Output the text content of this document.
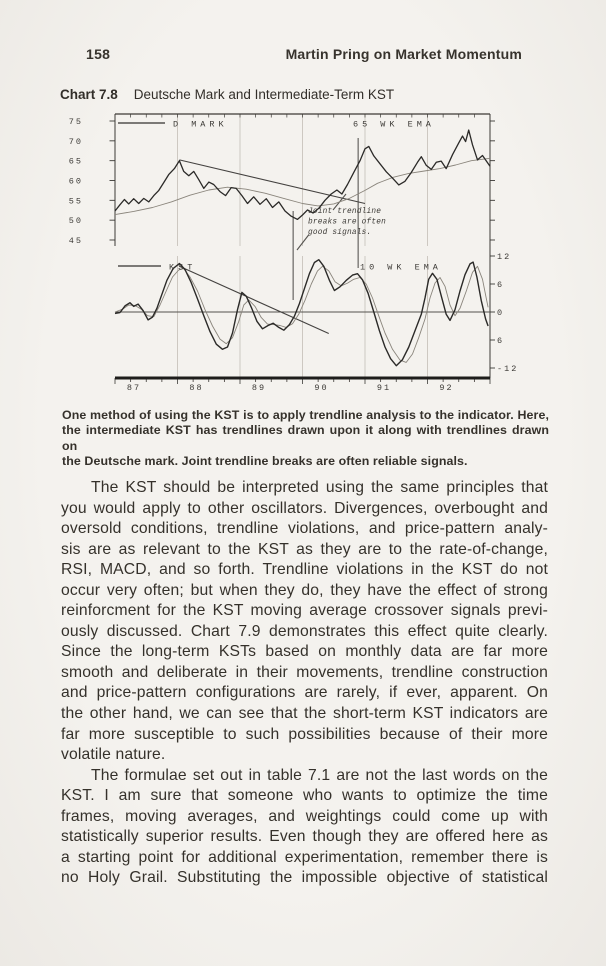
158	Martin Pring on Market Momentum
Chart 7.8 Deutsche Mark and Intermediate-Term KST
75
70
65
60
55
50
45
12
6
0
6
-12
87	88	89	90	91	92
D MARK	65 WK EMA
KST	10 WK EMA
Joint trendline
breaks are often
good signals.
One method of using the KST is to apply trendline analysis to the indicator. Here,
the intermediate KST has trendlines drawn upon it along with trendlines drawn on
the Deutsche mark. Joint trendline breaks are often reliable signals.
The KST should be interpreted using the same principles that
you would apply to other oscillators. Divergences, overbought and
oversold conditions, trendline violations, and price-pattern analy-
sis are as relevant to the KST as they are to the rate-of-change,
RSI, MACD, and so forth. Trendline violations in the KST do not
occur very often; but when they do, they have the effect of strong
reinforcment for the KST moving average crossover signals previ-
ously discussed. Chart 7.9 demonstrates this effect quite clearly.
Since the long-term KSTs based on monthly data are far more
smooth and deliberate in their movements, trendline construction
and price-pattern configurations are rarely, if ever, apparent. On
the other hand, we can see that the short-term KST indicators are
far more susceptible to such possibilities because of their more
volatile nature.
The formulae set out in table 7.1 are not the last words on the
KST. I am sure that someone who wants to optimize the time
frames, moving averages, and weightings could come up with
statistically superior results. Even though they are offered here as
a starting point for additional experimentation, remember there is
no Holy Grail. Substituting the impossible objective of statistical
